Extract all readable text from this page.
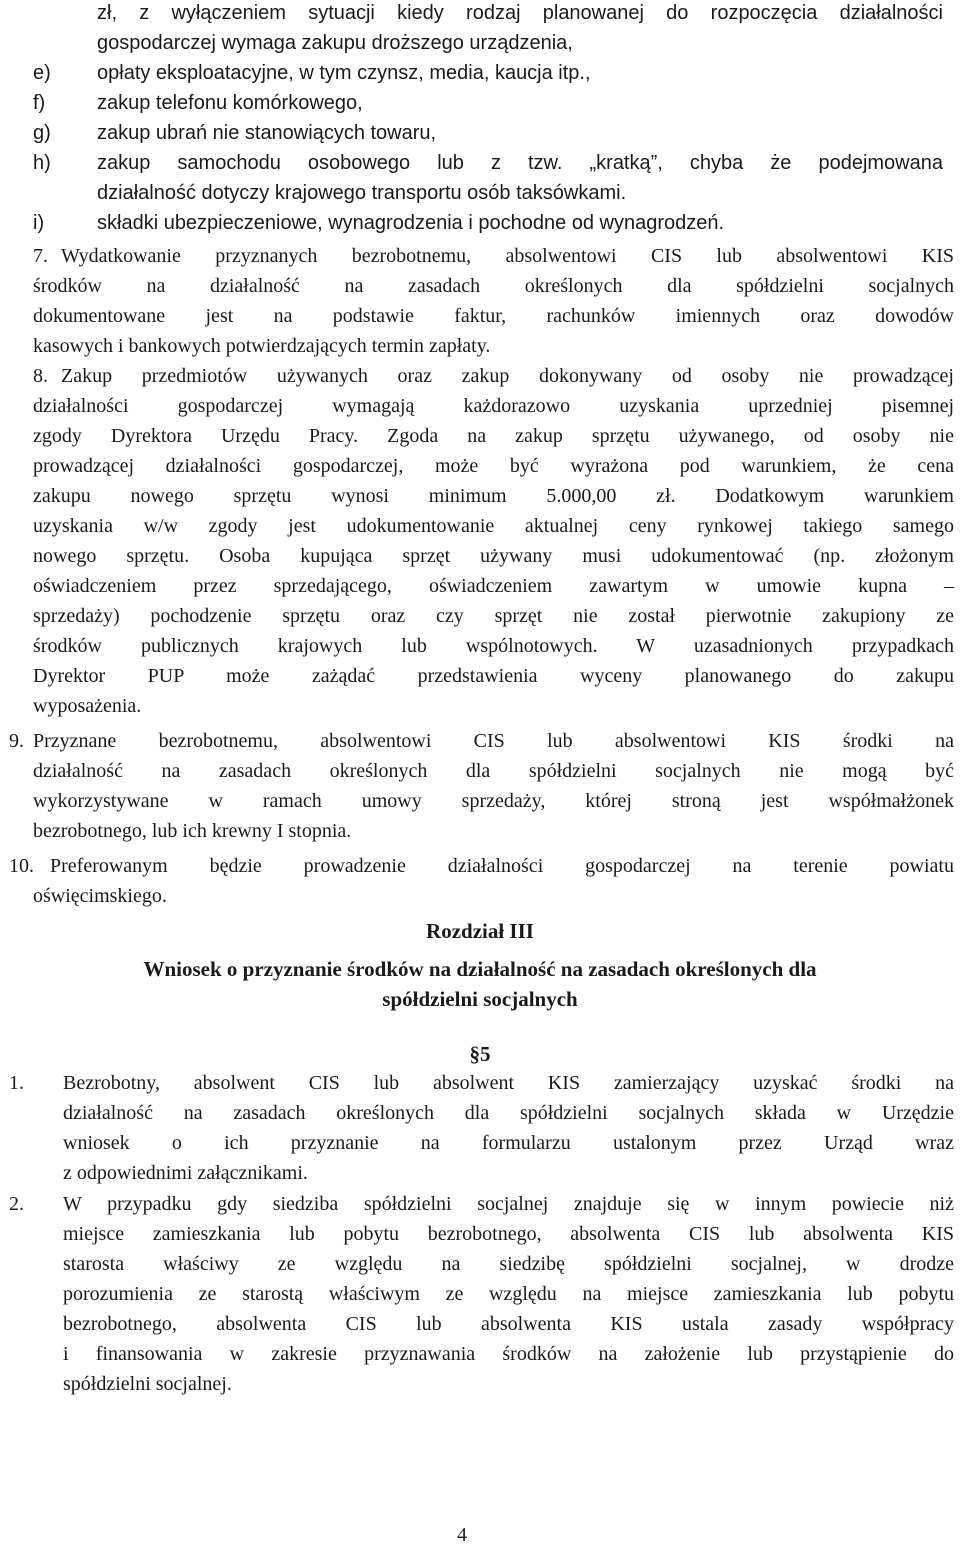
zł, z wyłączeniem sytuacji kiedy rodzaj planowanej do rozpoczęcia działalności

gospodarczej wymaga zakupu droższego urządzenia,

e) opłaty eksploatacyjne, w tym czynsz, media, kaucja itp.,

f)	zakup telefonu komórkowego,

g) zakup ubrań nie stanowiących towaru,

h) zakup samochodu osobowego lub z tzw. „kratką”, chyba że podejmowana

działalność dotyczy krajowego transportu osób taksówkami.

i)	składki ubezpieczeniowe, wynagrodzenia i pochodne od wynagrodzeń.

7. Wydatkowanie przyznanych bezrobotnemu, absolwentowi CIS lub absolwentowi KIS

środków na działalność na zasadach określonych dla spółdzielni socjalnych

dokumentowane jest na podstawie faktur, rachunków imiennych oraz dowodów

kasowych i bankowych potwierdzających termin zapłaty.

8. Zakup przedmiotów używanych oraz zakup dokonywany od osoby nie prowadzącej

działalności gospodarczej wymagają każdorazowo uzyskania uprzedniej pisemnej

zgody Dyrektora Urzędu Pracy. Zgoda na zakup sprzętu używanego, od osoby nie

prowadzącej działalności gospodarczej, może być wyrażona pod warunkiem, że cena

zakupu nowego sprzętu wynosi minimum 5.000,00 zł. Dodatkowym warunkiem

uzyskania w/w zgody jest udokumentowanie aktualnej ceny rynkowej takiego samego

nowego sprzętu. Osoba kupująca sprzęt używany musi udokumentować (np. złożonym

oświadczeniem przez sprzedającego, oświadczeniem zawartym w umowie kupna –

sprzedaży) pochodzenie sprzętu oraz czy sprzęt nie został pierwotnie zakupiony ze

środków publicznych krajowych lub wspólnotowych. W uzasadnionych przypadkach

Dyrektor PUP może zażądać przedstawienia wyceny planowanego do zakupu

wyposażenia.

9. Przyznane bezrobotnemu, absolwentowi CIS lub absolwentowi KIS środki na

działalność na zasadach określonych dla spółdzielni socjalnych nie mogą być

wykorzystywane w ramach umowy sprzedaży, której stroną jest współmałżonek

bezrobotnego, lub ich krewny I stopnia.

10. Preferowanym będzie prowadzenie działalności gospodarczej na terenie powiatu

oświęcimskiego.

Rozdział III

Wniosek o przyznanie środków na działalność na zasadach określonych dla

spółdzielni socjalnych

§5

1. Bezrobotny, absolwent CIS lub absolwent KIS zamierzający uzyskać środki na

działalność na zasadach określonych dla spółdzielni socjalnych składa w Urzędzie

wniosek o ich przyznanie na formularzu ustalonym przez Urząd wraz

z odpowiednimi załącznikami.

2. W przypadku gdy siedziba spółdzielni socjalnej znajduje się w innym powiecie niż

miejsce zamieszkania lub pobytu bezrobotnego, absolwenta CIS lub absolwenta KIS

starosta właściwy ze względu na siedzibę spółdzielni socjalnej, w drodze

porozumienia ze starostą właściwym ze względu na miejsce zamieszkania lub pobytu

bezrobotnego, absolwenta CIS lub absolwenta KIS ustala zasady współpracy

i finansowania w zakresie przyznawania środków na założenie lub przystąpienie do

spółdzielni socjalnej.

4
